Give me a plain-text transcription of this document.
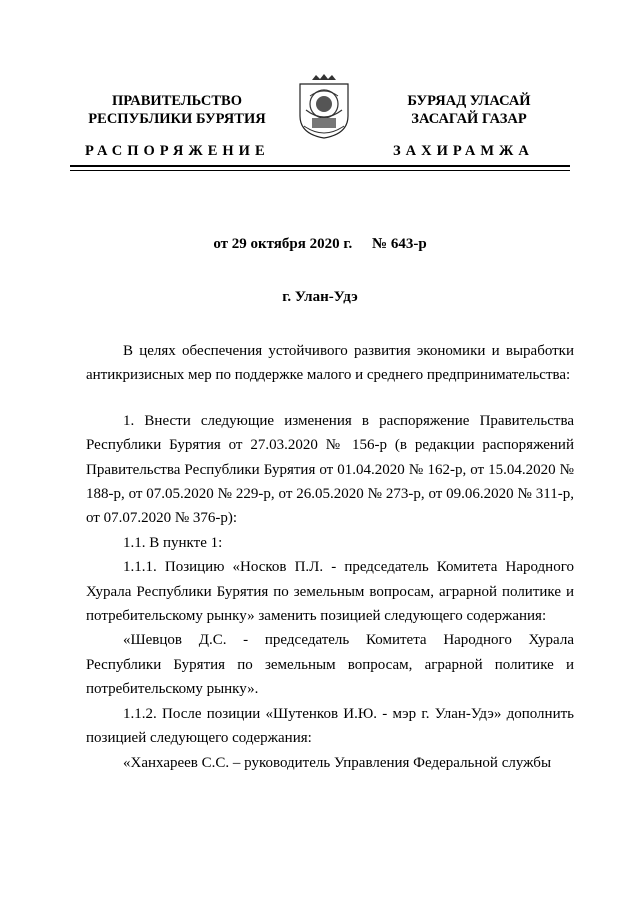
ПРАВИТЕЛЬСТВО
РЕСПУБЛИКИ БУРЯТИЯ
БУРЯАД УЛАСАЙ
ЗАСАГАЙ ГАЗАР
РАСПОРЯЖЕНИЕ	ЗАХИРАМЖА
от 29 октября 2020 г. № 643-р
г. Улан-Удэ

В целях обеспечения устойчивого развития экономики и выработки антикризисных мер по поддержке малого и среднего предпринимательства:

1. Внести следующие изменения в распоряжение Правительства Республики Бурятия от 27.03.2020 № 156-р (в редакции распоряжений Правительства Республики Бурятия от 01.04.2020 № 162-р, от 15.04.2020 № 188-р, от 07.05.2020 № 229-р, от 26.05.2020 № 273-р, от 09.06.2020 № 311-р, от 07.07.2020 № 376-р):

1.1. В пункте 1:

1.1.1. Позицию «Носков П.Л. - председатель Комитета Народного Хурала Республики Бурятия по земельным вопросам, аграрной политике и потребительскому рынку» заменить позицией следующего содержания:

«Шевцов Д.С. - председатель Комитета Народного Хурала Республики Бурятия по земельным вопросам, аграрной политике и потребительскому рынку».

1.1.2. После позиции «Шутенков И.Ю. - мэр г. Улан-Удэ» дополнить позицией следующего содержания:

«Ханхареев С.С. – руководитель Управления Федеральной службы
